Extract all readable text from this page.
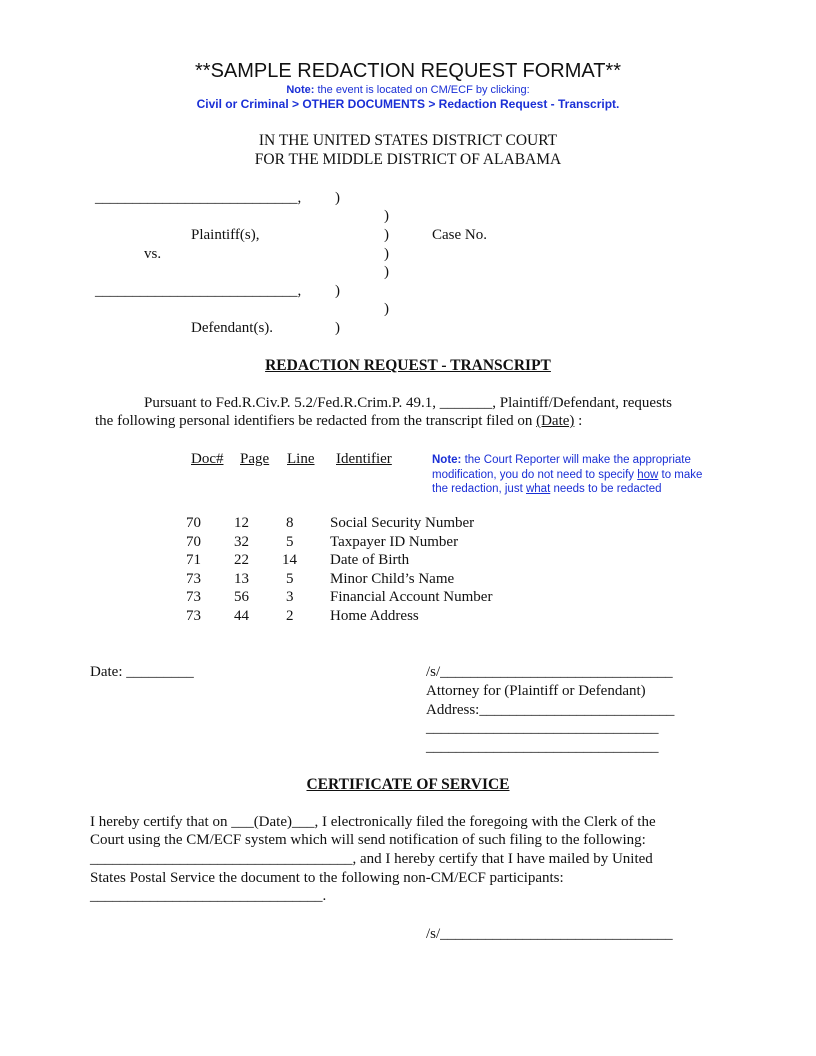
**SAMPLE REDACTION REQUEST FORMAT**
Note: the event is located on CM/ECF by clicking:
Civil or Criminal > OTHER DOCUMENTS > Redaction Request - Transcript.
IN THE UNITED STATES DISTRICT COURT
FOR THE MIDDLE DISTRICT OF ALABAMA
___________________________,
Plaintiff(s),
vs.
Case No.
___________________________,
Defendant(s).
)
)
)
)
)
)
)
)
REDACTION REQUEST - TRANSCRIPT
Pursuant to Fed.R.Civ.P. 5.2/Fed.R.Crim.P. 49.1, _______, Plaintiff/Defendant, requests
the following personal identifiers be redacted from the transcript filed on (Date) :
Doc# Page Line Identifier	Note: the Court Reporter will make the appropriate
modification, you do not need to specify how to make
the redaction, just what needs to be redacted
70 12 8 Social Security Number
70 32 5 Taxpayer ID Number
71 22 14 Date of Birth
73 13 5 Minor Child’s Name
73 56 3 Financial Account Number
73 44 2 Home Address
Date: _________	/s/_______________________________
Attorney for (Plaintiff or Defendant)
Address:__________________________
_______________________________
_______________________________
CERTIFICATE OF SERVICE
I hereby certify that on ___(Date)___, I electronically filed the foregoing with the Clerk of the
Court using the CM/ECF system which will send notification of such filing to the following:
___________________________________, and I hereby certify that I have mailed by United
States Postal Service the document to the following non-CM/ECF participants:
_______________________________.
/s/_______________________________
